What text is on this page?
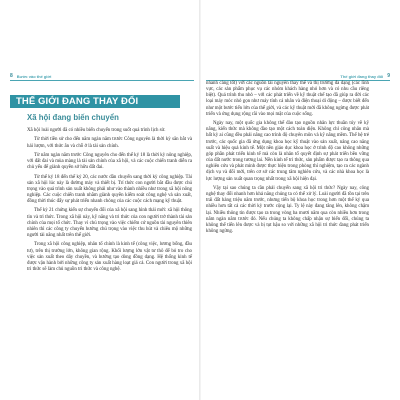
8 Bước vào thế giới
THẾ GIỚI ĐANG THAY ĐỔI
Xã hội đang biến chuyển

Xã hội loài người đã có nhiều biến chuyển trong suốt quá trình lịch sử.

Từ thời tiền sử cho đến năm ngàn năm trước Công nguyên là thời kỳ săn bắt và hái lượm, với thức ăn và chỗ ở là tài sản chính.

Từ năm ngàn năm trước Công nguyên cho đến thế kỷ 18 là thời kỳ nông nghiệp, với đất đai và mùa màng là tài sản chính của xã hội, và các cuộc chiến tranh diễn ra chủ yếu để giành quyền sở hữu đất đai.

Từ thế kỷ 18 đến thế kỷ 20, các nước dần chuyển sang thời kỳ công nghiệp. Tài sản xã hội lúc này là đường máy và thiết bị. Trí thức con người bắt đầu được chú trọng vào quá trình sản xuất không phải như vào thành nhiều như trong xã hội nông nghiệp. Các cuộc chiến tranh nhằm giành quyền kiểm soát công nghệ và sản xuất, đồng thời thúc đẩy sự phát triển nhanh chóng của các cuộc cách mạng kỹ thuật.

Thế kỷ 21 chứng kiến sự chuyển đổi của xã hội sang hình thái mới: xã hội thông tin và tri thức. Trong xã hội này, kỹ năng và tri thức của con người trở thành tài sản chính của mọi tổ chức. Thay vì chú trọng vào việc chiếm cứ nguồn tài nguyên thiên nhiên thì các công ty chuyển hướng chú trọng vào việc thu hút và chiêu mộ những người tài năng nhất trên thế giới.

Trong xã hội công nghiệp, nhân tố chính là kinh tế (công việc, lương bổng, đầu tư), trên thị trường lớn, không gian rộng. Khối lượng lớn vật tư thô để bỏ tro cho việc sản xuất theo dây chuyền, và hướng tạo dòng đồng dạng. Hệ thống kinh tế được vận hành bởi những công ty sản xuất hàng loạt giá cả. Con người trong xã hội tri thức sẽ làm chủ nguồn tri thức và công nghệ.

Thế giới đang thay đổi 9

nhanh càng tốt) với các nguồn tài nguyên thay thế và thị trường đa dạng (các lĩnh vực, các sản phẩm phục vụ các nhóm khách hàng nhỏ hơn và có nhu cầu riêng biệt). Quá trình thu nhỏ – với các phát triển về kỹ thuật chế tạo đã giúp ra đời các loại máy móc nhỏ gọn như máy tính cá nhân và điện thoại di động – được biết đến như một bước tiến lớn của thế giới, và các kỹ thuật mới đã không ngừng được phát triển và ứng dụng rộng rãi vào mọi mặt của cuộc sống.

Ngày nay, một quốc gia không thể đào tạo nguồn nhân lực thuần túy về kỹ năng, kiến thức mà không đào tạo một cách toàn diện. Không chỉ công nhân mà bất kỳ ai cũng đều phải nâng cao trình độ chuyên môn và kỹ năng mềm. Thế hệ trẻ trước, các quốc gia đã ứng dụng khoa học kỹ thuật vào sản xuất, nâng cao năng suất và hiệu quả kinh tế. Một nền giáo dục khoa học ở trình độ cao không những góp phần phát triển kinh tế mà còn là nhân tố quyết định sự phát triển bền vững của đất nước trong tương lai. Nền kinh tế tri thức, sản phẩm được tạo ra thông qua nghiên cứu và phát minh được thực hiện trong phòng thí nghiệm, tạo ra các ngành dịch vụ và đổi mới, trên cơ sở các trung tâm nghiên cứu, và các nhà khoa học là lực lượng sản xuất quan trọng nhất trong xã hội hiện đại.

Vậy tại sao chúng ta cần phải chuyển sang xã hội tri thức? Ngày nay, công nghệ thay đổi nhanh hơn khả năng chúng ta có thể xử lý. Loài người đã tồn tại trên trái đất hàng triệu năm trước, nhưng tiến bộ khoa học trong hơn một thế kỷ qua nhiều hơn tất cả các thời kỳ trước cộng lại. Ty lệ này đang tăng lên, không chậm lại. Nhiều thông tin được tạo ra trong vòng ba mươi năm qua còn nhiều hơn trong năm ngàn năm trước đó. Nếu chúng ta không chấp nhận sự biến đổi, chúng ta không thể tiến lên được và bị tụt hậu so với những xã hội tri thức đang phát triển không ngừng.
